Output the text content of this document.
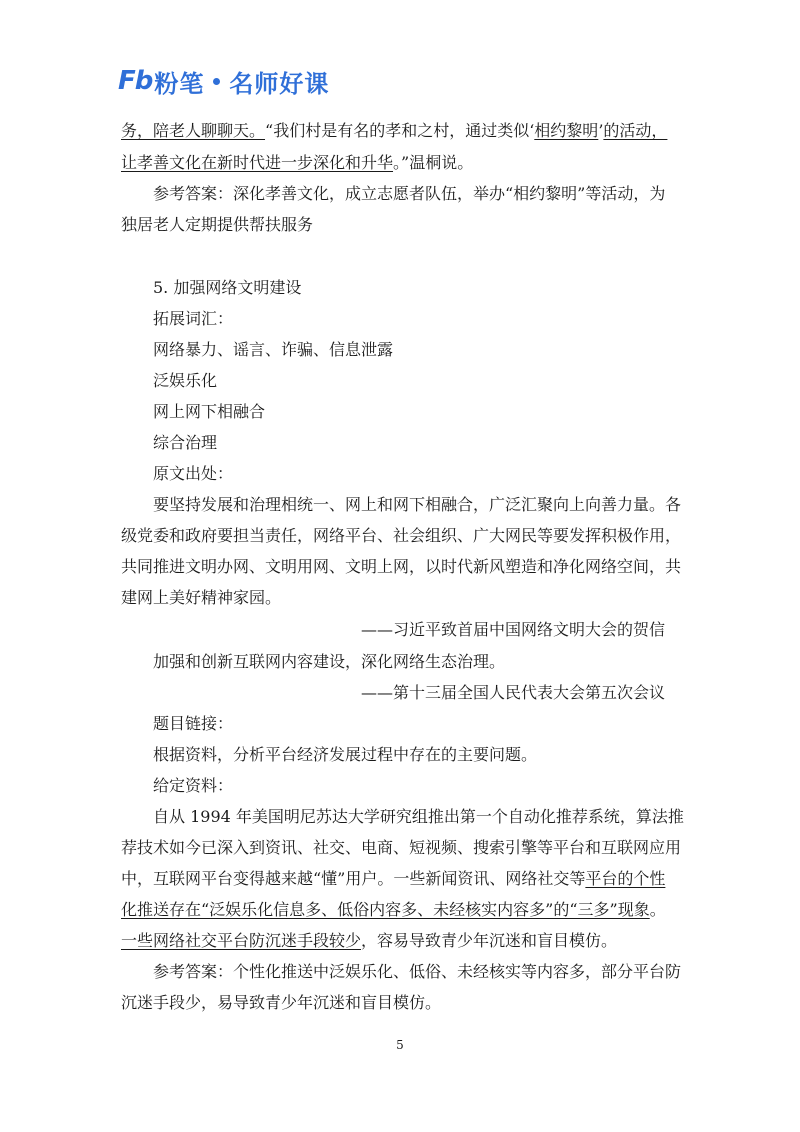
Fb 粉笔 名师好课
务，陪老人聊聊天。“我们村是有名的孝和之村，通过类似‘相约黎明’的活动，
让孝善文化在新时代进一步深化和升华。”温桐说。
参考答案：深化孝善文化，成立志愿者队伍，举办“相约黎明”等活动，为
独居老人定期提供帮扶服务
5. 加强网络文明建设
拓展词汇：
网络暴力、谣言、诈骗、信息泄露
泛娱乐化
网上网下相融合
综合治理
原文出处：
要坚持发展和治理相统一、网上和网下相融合，广泛汇聚向上向善力量。各
级党委和政府要担当责任，网络平台、社会组织、广大网民等要发挥积极作用，
共同推进文明办网、文明用网、文明上网，以时代新风塑造和净化网络空间，共
建网上美好精神家园。
——习近平致首届中国网络文明大会的贺信
加强和创新互联网内容建设，深化网络生态治理。
——第十三届全国人民代表大会第五次会议
题目链接：
根据资料，分析平台经济发展过程中存在的主要问题。
给定资料：
自从 1994 年美国明尼苏达大学研究组推出第一个自动化推荐系统，算法推
荐技术如今已深入到资讯、社交、电商、短视频、搜索引擎等平台和互联网应用
中，互联网平台变得越来越“懂”用户。一些新闻资讯、网络社交等平台的个性
化推送存在“泛娱乐化信息多、低俗内容多、未经核实内容多”的“三多”现象。
一些网络社交平台防沉迷手段较少，容易导致青少年沉迷和盲目模仿。
参考答案：个性化推送中泛娱乐化、低俗、未经核实等内容多，部分平台防
沉迷手段少，易导致青少年沉迷和盲目模仿。
5
